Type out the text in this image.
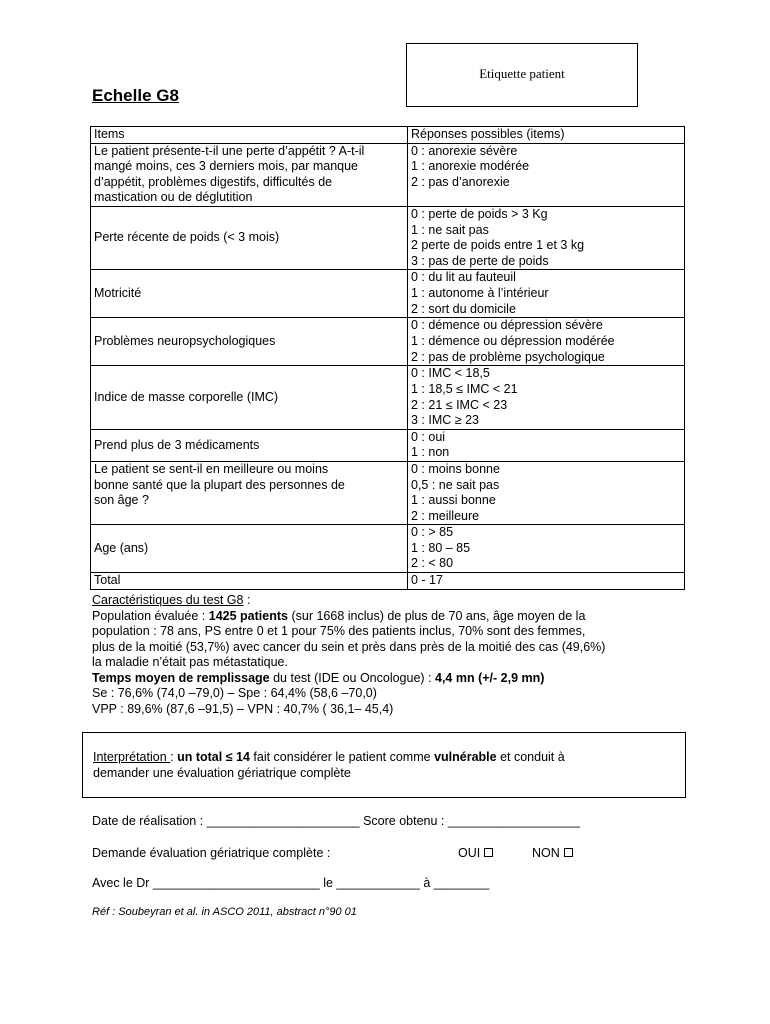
Etiquette patient
Echelle G8
Items	Réponses possibles (items)

Le patient présente-t-il une perte d’appétit ? A-t-il
mangé moins, ces 3 derniers mois, par manque
d’appétit, problèmes digestifs, difficultés de
mastication ou de déglutition	0 : anorexie sévère
1 : anorexie modérée
2 : pas d’anorexie

Perte récente de poids (< 3 mois)	0 : perte de poids > 3 Kg
1 : ne sait pas
2 perte de poids entre 1 et 3 kg
3 : pas de perte de poids

Motricité	0 : du lit au fauteuil
1 : autonome à l’intérieur
2 : sort du domicile

Problèmes neuropsychologiques	0 : démence ou dépression sévère
1 : démence ou dépression modérée
2 : pas de problème psychologique

Indice de masse corporelle (IMC)	0 : IMC < 18,5
1 : 18,5 ≤ IMC < 21
2 : 21 ≤ IMC < 23
3 : IMC ≥ 23

Prend plus de 3 médicaments	0 : oui
1 : non

Le patient se sent-il en meilleure ou moins
bonne santé que la plupart des personnes de
son âge ?	0 : moins bonne
0,5 : ne sait pas
1 : aussi bonne
2 : meilleure

Age (ans)	0 : > 85
1 : 80 – 85
2 : < 80

Total	0 - 17
Caractéristiques du test G8 :
Population évaluée : 1425 patients (sur 1668 inclus) de plus de 70 ans, âge moyen de la
population : 78 ans, PS entre 0 et 1 pour 75% des patients inclus, 70% sont des femmes,
plus de la moitié (53,7%) avec cancer du sein et près dans près de la moitié des cas (49,6%)
la maladie n’était pas métastatique.
Temps moyen de remplissage du test (IDE ou Oncologue) : 4,4 mn (+/- 2,9 mn)
Se : 76,6% (74,0 –79,0) – Spe : 64,4% (58,6 –70,0)
VPP : 89,6% (87,6 –91,5) – VPN : 40,7% ( 36,1– 45,4)
Interprétation : un total ≤ 14 fait considérer le patient comme vulnérable et conduit à
demander une évaluation gériatrique complète
Date de réalisation : ______________________ Score obtenu : ___________________
Demande évaluation gériatrique complète :	OUI	NON
Avec le Dr ________________________ le ____________ à ________
Réf : Soubeyran et al. in ASCO 2011, abstract n°90 01
